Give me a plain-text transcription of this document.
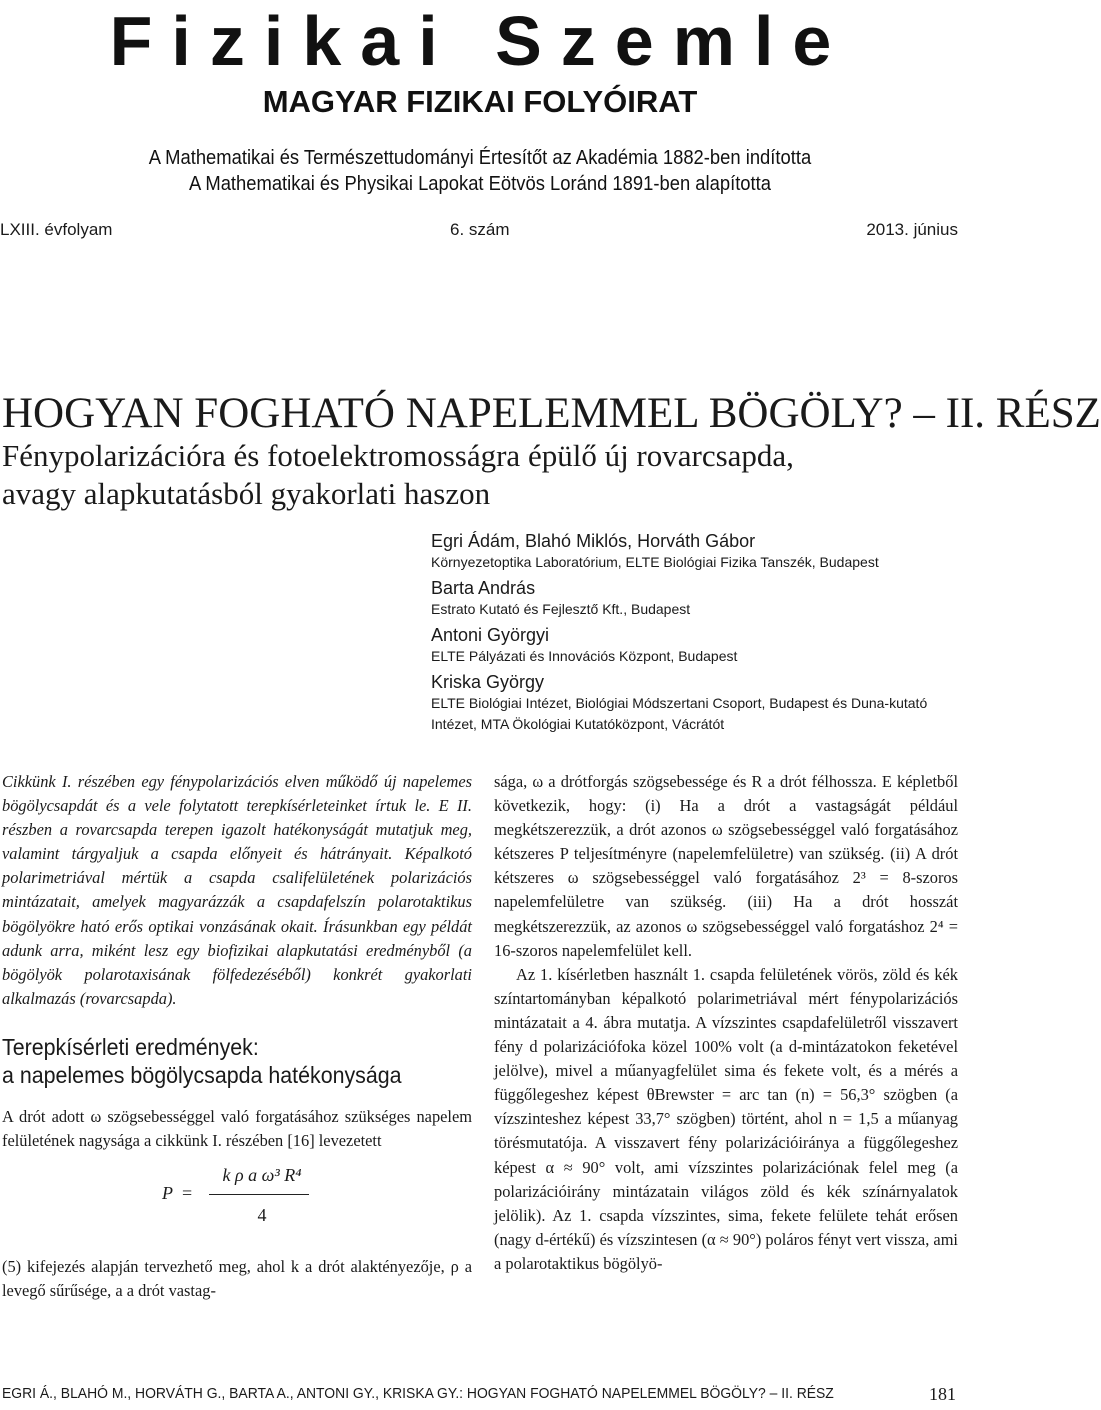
Fizikai Szemle
MAGYAR FIZIKAI FOLYÓIRAT
A Mathematikai és Természettudományi Értesítőt az Akadémia 1882-ben indította
A Mathematikai és Physikai Lapokat Eötvös Loránd 1891-ben alapította
LXIII. évfolyam	6. szám	2013. június
HOGYAN FOGHATÓ NAPELEMMEL BÖGÖLY? – II. RÉSZ
Fénypolarizációra és fotoelektromosságra épülő új rovarcsapda, avagy alapkutatásból gyakorlati haszon
Egri Ádám, Blahó Miklós, Horváth Gábor
Környezetoptika Laboratórium, ELTE Biológiai Fizika Tanszék, Budapest
Barta András
Estrato Kutató és Fejlesztő Kft., Budapest
Antoni Györgyi
ELTE Pályázati és Innovációs Központ, Budapest
Kriska György
ELTE Biológiai Intézet, Biológiai Módszertani Csoport, Budapest és Duna-kutató Intézet, MTA Ökológiai Kutatóközpont, Vácrátót

Cikkünk I. részében egy fénypolarizációs elven működő új napelemes bögölycsapdát és a vele folytatott terepkísérleteinket írtuk le. E II. részben a rovarcsapda terepen igazolt hatékonyságát mutatjuk meg, valamint tárgyaljuk a csapda előnyeit és hátrányait. Képalkotó polarimetriával mértük a csapda csalifelületének polarizációs mintázatait, amelyek magyarázzák a csapdafelszín polarotaktikus bögölyökre ható erős optikai vonzásának okait. Írásunkban egy példát adunk arra, miként lesz egy biofizikai alapkutatási eredményből (a bögölyök polarotaxisának fölfedezéséből) konkrét gyakorlati alkalmazás (rovarcsapda).

Terepkísérleti eredmények:
a napelemes bögölycsapda hatékonysága

A drót adott ω szögsebességgel való forgatásához szükséges napelem felületének nagysága a cikkünk I. részében [16] levezetett

P =
k ρ a ω³ R⁴
4

(5) kifejezés alapján tervezhető meg, ahol k a drót alaktényezője, ρ a levegő sűrűsége, a a drót vastag-

sága, ω a drótforgás szögsebessége és R a drót félhossza. E képletből következik, hogy: (i) Ha a drót a vastagságát például megkétszerezzük, a drót azonos ω szögsebességgel való forgatásához kétszeres P teljesítményre (napelemfelületre) van szükség. (ii) A drót kétszeres ω szögsebességgel való forgatásához 2³ = 8-szoros napelemfelületre van szükség. (iii) Ha a drót hosszát megkétszerezzük, az azonos ω szögsebességgel való forgatáshoz 2⁴ = 16-szoros napelemfelület kell.

Az 1. kísérletben használt 1. csapda felületének vörös, zöld és kék színtartományban képalkotó polarimetriával mért fénypolarizációs mintázatait a 4. ábra mutatja. A vízszintes csapdafelületről visszavert fény d polarizációfoka közel 100% volt (a d-mintázatokon feketével jelölve), mivel a műanyagfelület sima és fekete volt, és a mérés a függőlegeshez képest θBrewster = arc tan (n) = 56,3° szögben (a vízszinteshez képest 33,7° szögben) történt, ahol n = 1,5 a műanyag törésmutatója. A visszavert fény polarizációiránya a függőlegeshez képest α ≈ 90° volt, ami vízszintes polarizációnak felel meg (a polarizációirány mintázatain világos zöld és kék színárnyalatok jelölik). Az 1. csapda vízszintes, sima, fekete felülete tehát erősen (nagy d-értékű) és vízszintesen (α ≈ 90°) poláros fényt vert vissza, ami a polarotaktikus bögölyö-

EGRI Á., BLAHÓ M., HORVÁTH G., BARTA A., ANTONI GY., KRISKA GY.: HOGYAN FOGHATÓ NAPELEMMEL BÖGÖLY? – II. RÉSZ	181
